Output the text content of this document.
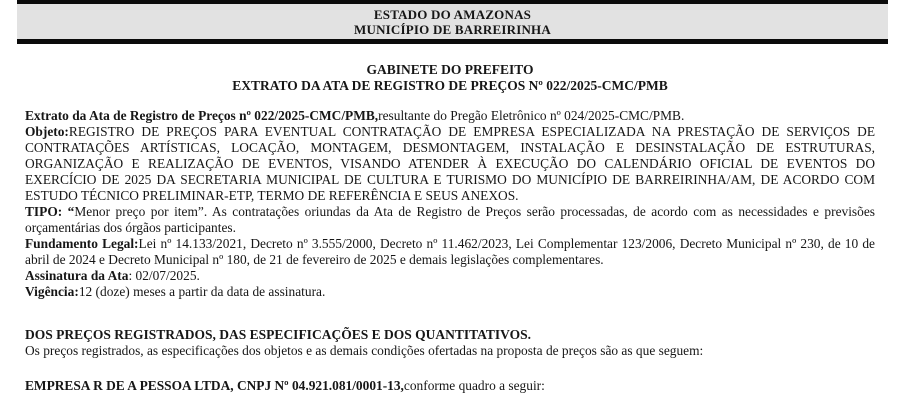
ESTADO DO AMAZONAS
MUNICÍPIO DE BARREIRINHA
GABINETE DO PREFEITO
EXTRATO DA ATA DE REGISTRO DE PREÇOS Nº 022/2025-CMC/PMB

Extrato da Ata de Registro de Preços nº 022/2025-CMC/PMB,resultante do Pregão Eletrônico nº 024/2025-CMC/PMB.

Objeto:REGISTRO DE PREÇOS PARA EVENTUAL CONTRATAÇÃO DE EMPRESA ESPECIALIZADA NA PRESTAÇÃO DE SERVIÇOS DE CONTRATAÇÕES ARTÍSTICAS, LOCAÇÃO, MONTAGEM, DESMONTAGEM, INSTALAÇÃO E DESINSTALAÇÃO DE ESTRUTURAS, ORGANIZAÇÃO E REALIZAÇÃO DE EVENTOS, VISANDO ATENDER À EXECUÇÃO DO CALENDÁRIO OFICIAL DE EVENTOS DO EXERCÍCIO DE 2025 DA SECRETARIA MUNICIPAL DE CULTURA E TURISMO DO MUNICÍPIO DE BARREIRINHA/AM, DE ACORDO COM ESTUDO TÉCNICO PRELIMINAR-ETP, TERMO DE REFERÊNCIA E SEUS ANEXOS.

TIPO: “Menor preço por item”. As contratações oriundas da Ata de Registro de Preços serão processadas, de acordo com as necessidades e previsões orçamentárias dos órgãos participantes.

Fundamento Legal:Lei nº 14.133/2021, Decreto nº 3.555/2000, Decreto nº 11.462/2023, Lei Complementar 123/2006, Decreto Municipal nº 230, de 10 de abril de 2024 e Decreto Municipal nº 180, de 21 de fevereiro de 2025 e demais legislações complementares.

Assinatura da Ata: 02/07/2025.

Vigência:12 (doze) meses a partir da data de assinatura.

DOS PREÇOS REGISTRADOS, DAS ESPECIFICAÇÕES E DOS QUANTITATIVOS.

Os preços registrados, as especificações dos objetos e as demais condições ofertadas na proposta de preços são as que seguem:

EMPRESA R DE A PESSOA LTDA, CNPJ Nº 04.921.081/0001-13,conforme quadro a seguir:
